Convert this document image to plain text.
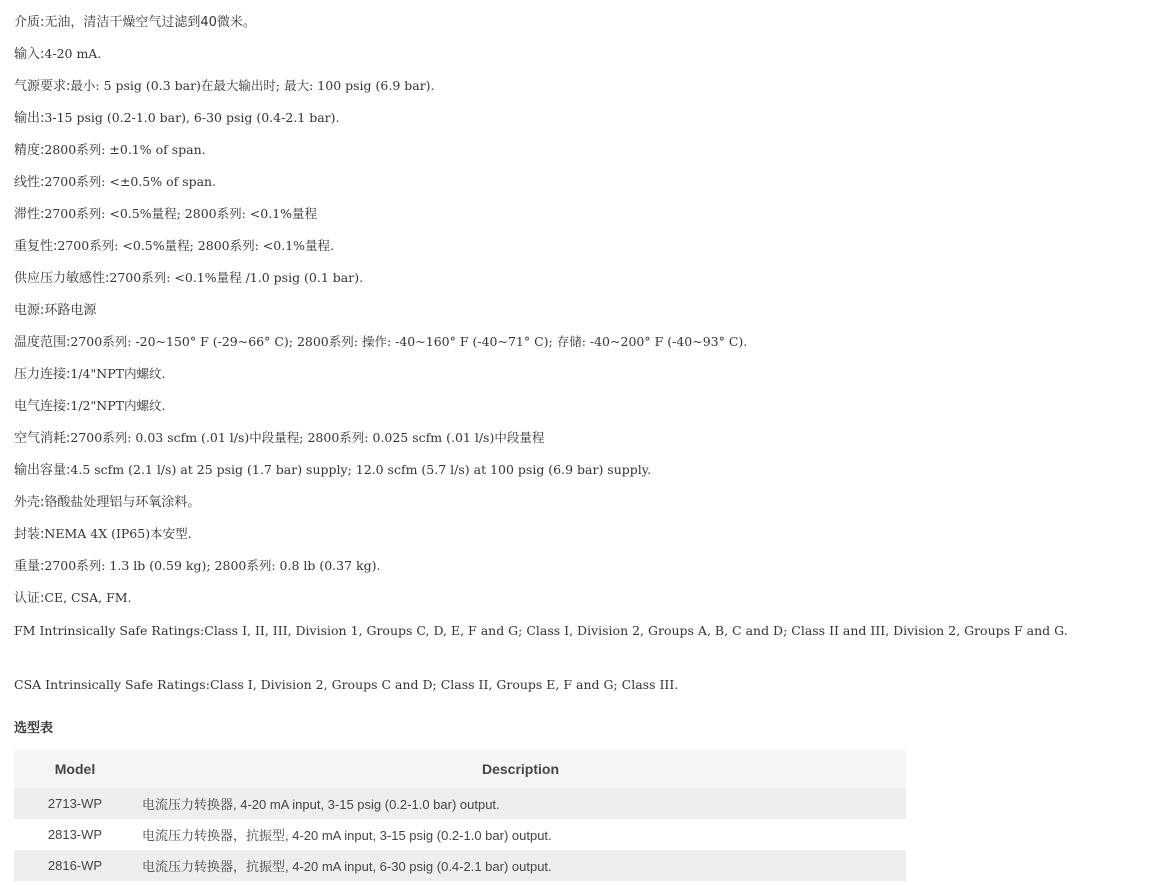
介质:无油，清洁干燥空气过滤到40微米。

输入:4-20 mA.

气源要求:最小: 5 psig (0.3 bar)在最大输出时; 最大: 100 psig (6.9 bar).

输出:3-15 psig (0.2-1.0 bar), 6-30 psig (0.4-2.1 bar).

精度:2800系列: ±0.1% of span.

线性:2700系列: <±0.5% of span.

滞性:2700系列: <0.5%量程; 2800系列: <0.1%量程

重复性:2700系列: <0.5%量程; 2800系列: <0.1%量程.

供应压力敏感性:2700系列: <0.1%量程 /1.0 psig (0.1 bar).

电源:环路电源

温度范围:2700系列: -20~150° F (-29~66° C); 2800系列: 操作: -40~160° F (-40~71° C); 存储: -40~200° F (-40~93° C).

压力连接:1/4"NPT内螺纹.

电气连接:1/2"NPT内螺纹.

空气消耗:2700系列: 0.03 scfm (.01 l/s)中段量程; 2800系列: 0.025 scfm (.01 l/s)中段量程

输出容量:4.5 scfm (2.1 l/s) at 25 psig (1.7 bar) supply; 12.0 scfm (5.7 l/s) at 100 psig (6.9 bar) supply.

外壳:铬酸盐处理铝与环氧涂料。

封装:NEMA 4X (IP65)本安型.

重量:2700系列: 1.3 lb (0.59 kg); 2800系列: 0.8 lb (0.37 kg).

认证:CE, CSA, FM.

FM Intrinsically Safe Ratings:Class I, II, III, Division 1, Groups C, D, E, F and G; Class I, Division 2, Groups A, B, C and D; Class II and III, Division 2, Groups F and G.

CSA Intrinsically Safe Ratings:Class I, Division 2, Groups C and D; Class II, Groups E, F and G; Class III.

选型表
Model	Description
2713-WP	电流压力转换器, 4-20 mA input, 3-15 psig (0.2-1.0 bar) output.
2813-WP	电流压力转换器，抗振型, 4-20 mA input, 3-15 psig (0.2-1.0 bar) output.
2816-WP	电流压力转换器，抗振型, 4-20 mA input, 6-30 psig (0.4-2.1 bar) output.
